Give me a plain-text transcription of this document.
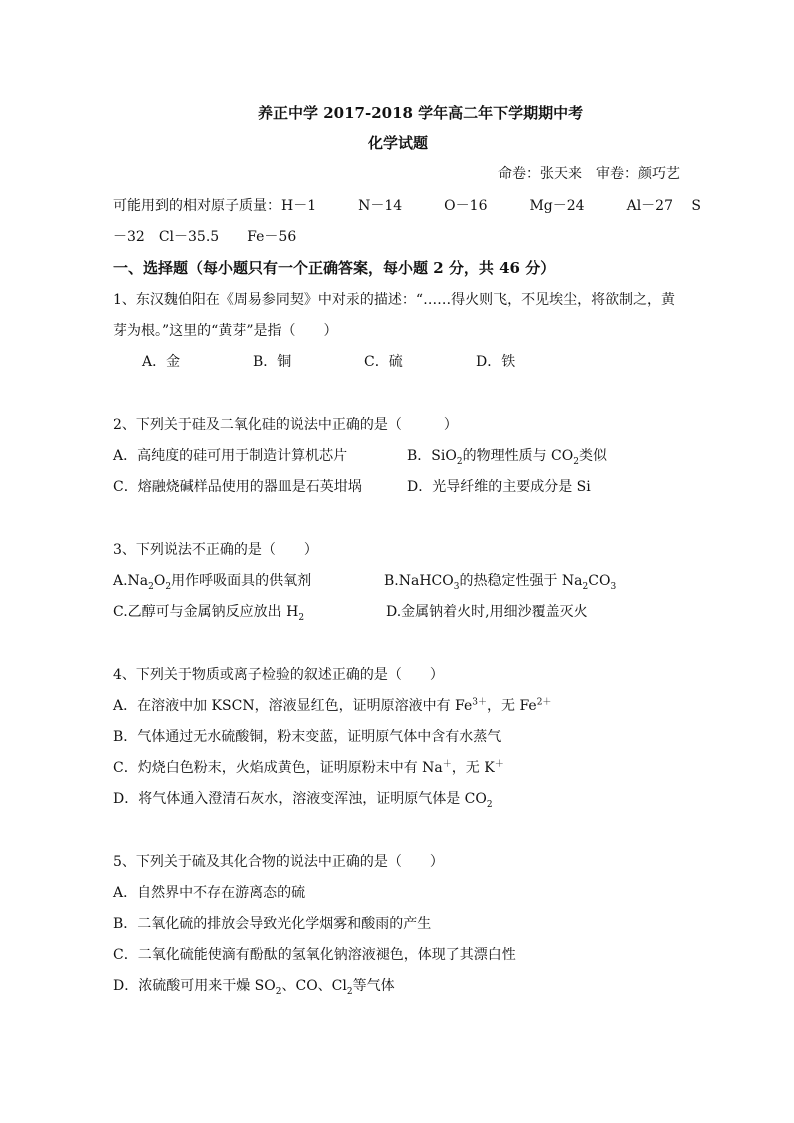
养正中学 2017-2018 学年高二年下学期期中考
化学试题
命卷：张天来　审卷：颜巧艺
可能用到的相对原子质量：H－1　　　N－14　　　O－16　　　Mg－24　　　Al－27　 S
－32　Cl－35.5　　Fe－56
一、选择题（每小题只有一个正确答案，每小题 2 分，共 46 分）
1、东汉魏伯阳在《周易参同契》中对汞的描述：“……得火则飞，不见埃尘，将欲制之，黄
芽为根。”这里的“黄芽”是指（　　）
A．金	B．铜	C．硫	D．铁
2、下列关于硅及二氧化硅的说法中正确的是（　　　）
A．高纯度的硅可用于制造计算机芯片	B．SiO$_2$的物理性质与 $CO_2$类似
C．熔融烧碱样品使用的器皿是石英坩埚	D．光导纤维的主要成分是 Si
3、下列说法不正确的是（　　）
$A.Na_2O_2$用作呼吸面具的供氧剂	B.NaHCO$_3$的热稳定性强于 $Na_2CO_3$
C.乙醇可与金属钠反应放出 $H_2$	D.金属钠着火时,用细沙覆盖灭火
4、下列关于物质或离子检验的叙述正确的是（　　）
A．在溶液中加 KSCN，溶液显红色，证明原溶液中有 $Fe^{3+}$，无 $Fe^{2+}$
B．气体通过无水硫酸铜，粉末变蓝，证明原气体中含有水蒸气
C．灼烧白色粉末，火焰成黄色，证明原粉末中有 Na＋，无 K＋
D．将气体通入澄清石灰水，溶液变浑浊，证明原气体是 $CO_2$
5、下列关于硫及其化合物的说法中正确的是（　　）
A．自然界中不存在游离态的硫
B．二氧化硫的排放会导致光化学烟雾和酸雨的产生
C．二氧化硫能使滴有酚酞的氢氧化钠溶液褪色，体现了其漂白性
D．浓硫酸可用来干燥 $SO_2$、CO、$Cl_2$等气体
